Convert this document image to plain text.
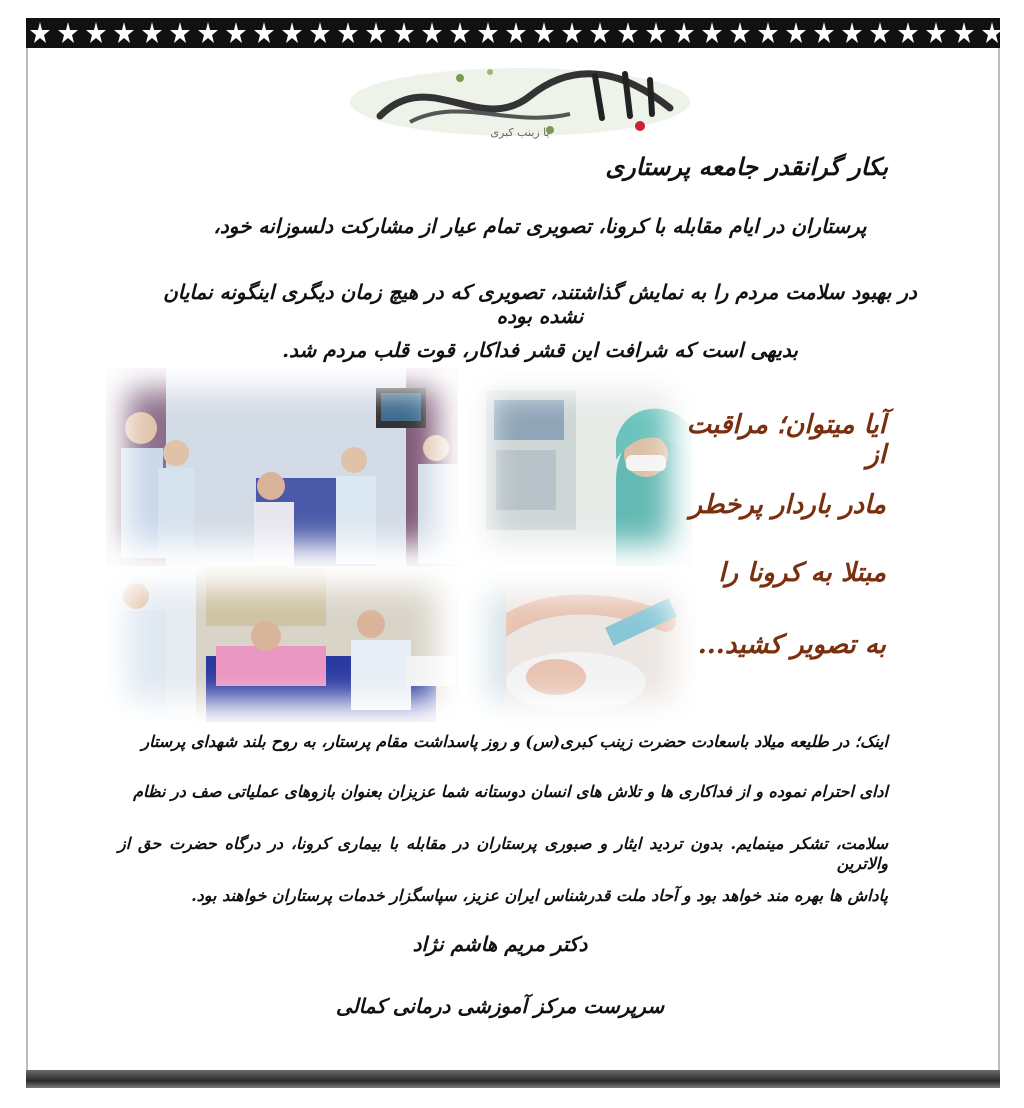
یا زینب کبری
بکار گرانقدر جامعه پرستاری
پرستاران در ایام مقابله با کرونا، تصویری تمام عیار از مشارکت دلسوزانه خود،
در بهبود سلامت مردم را به نمایش گذاشتند، تصویری که در هیچ زمان دیگری اینگونه نمایان نشده بوده
بدیهی است که شرافت این قشر فداکار، قوت قلب مردم شد.
آیا میتوان؛ مراقبت از
مادر باردار پرخطر
مبتلا به کرونا را
به تصویر کشید...
اینک؛ در طلیعه میلاد باسعادت حضرت زینب کبری(س) و روز پاسداشت مقام پرستار، به روح بلند شهدای پرستار
ادای احترام نموده و از فداکاری ها و تلاش های انسان دوستانه شما عزیزان بعنوان بازوهای عملیاتی صف در نظام
سلامت، تشکر مینمایم. بدون تردید ایثار و صبوری پرستاران در مقابله با بیماری کرونا، در درگاه حضرت حق از والاترین
پاداش ها بهره مند خواهد بود و آحاد ملت قدرشناس ایران عزیز، سپاسگزار خدمات پرستاران خواهند بود.
دکتر مریم هاشم نژاد
سرپرست مرکز آموزشی درمانی کمالی
